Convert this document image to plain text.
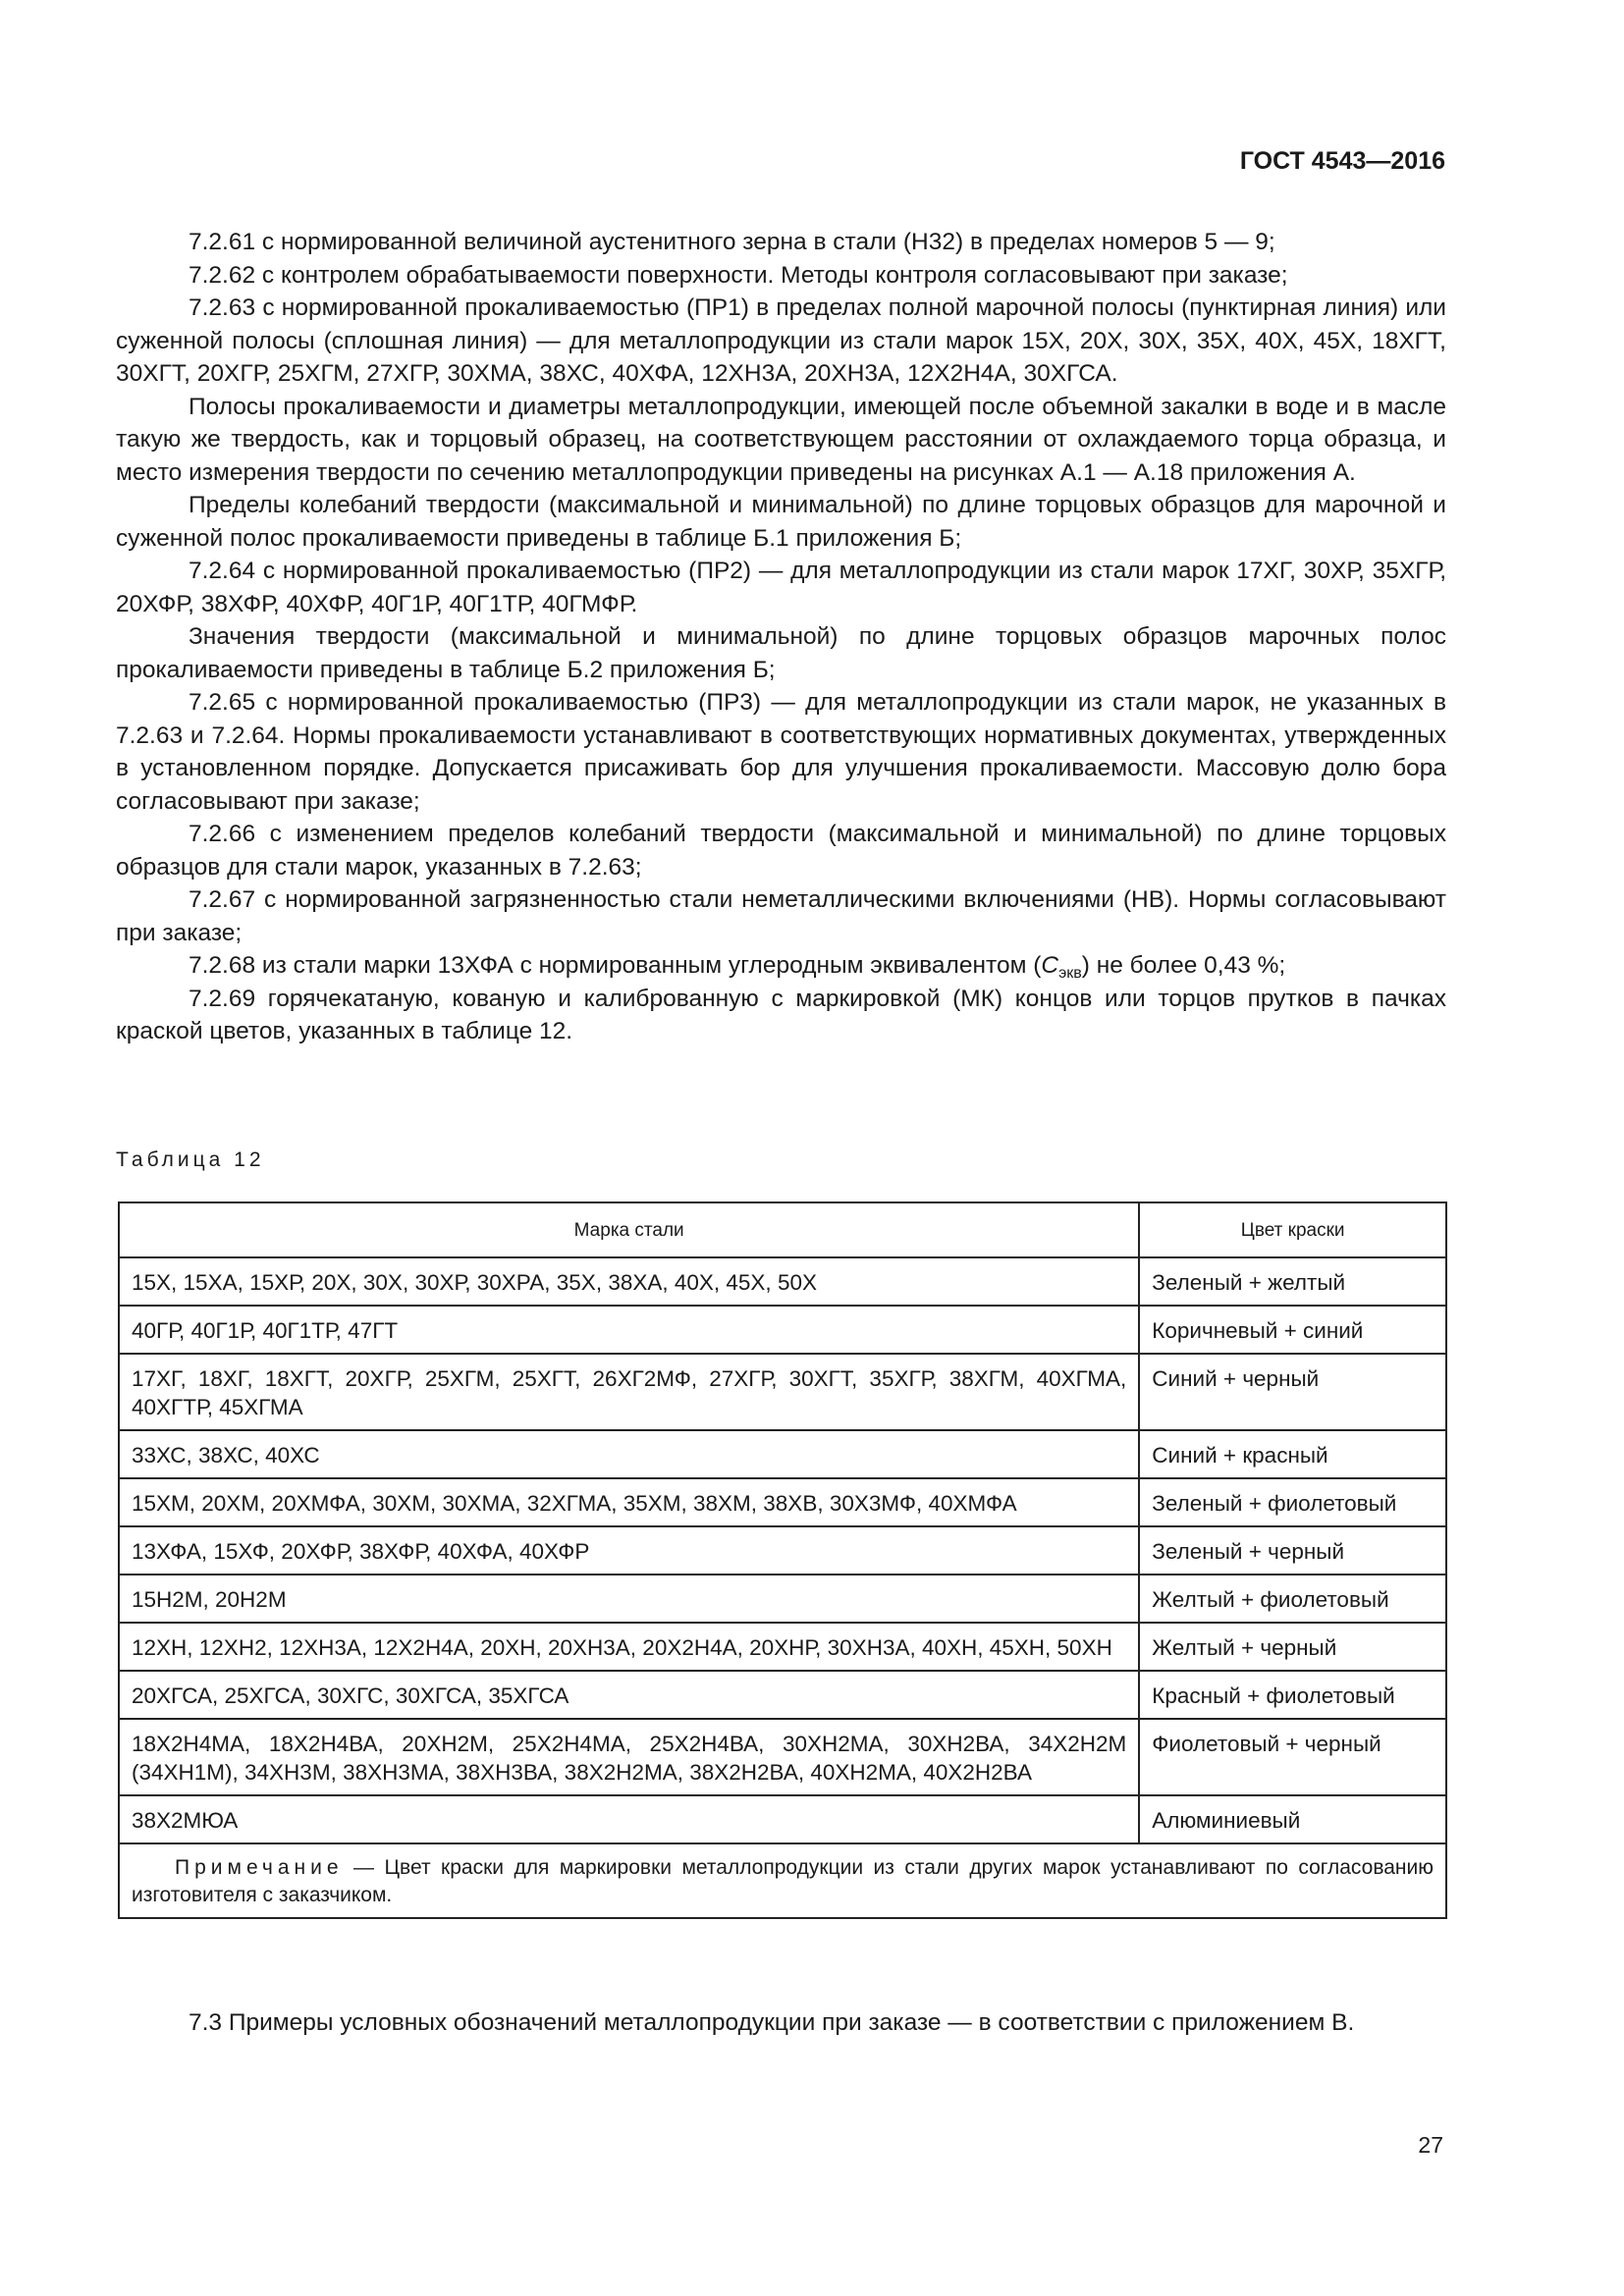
ГОСТ 4543—2016

7.2.61 с нормированной величиной аустенитного зерна в стали (Н32) в пределах номеров 5 — 9;

7.2.62 с контролем обрабатываемости поверхности. Методы контроля согласовывают при заказе;

7.2.63 с нормированной прокаливаемостью (ПР1) в пределах полной марочной полосы (пунктирная линия) или суженной полосы (сплошная линия) — для металлопродукции из стали марок 15Х, 20Х, 30Х, 35Х, 40Х, 45Х, 18ХГТ, 30ХГТ, 20ХГР, 25ХГМ, 27ХГР, 30ХМА, 38ХС, 40ХФА, 12ХН3А, 20ХН3А, 12Х2Н4А, 30ХГСА.

Полосы прокаливаемости и диаметры металлопродукции, имеющей после объемной закалки в воде и в масле такую же твердость, как и торцовый образец, на соответствующем расстоянии от охлаждаемого торца образца, и место измерения твердости по сечению металлопродукции приведены на рисунках А.1 — А.18 приложения А.

Пределы колебаний твердости (максимальной и минимальной) по длине торцовых образцов для марочной и суженной полос прокаливаемости приведены в таблице Б.1 приложения Б;

7.2.64 с нормированной прокаливаемостью (ПР2) — для металлопродукции из стали марок 17ХГ, 30ХР, 35ХГР, 20ХФР, 38ХФР, 40ХФР, 40Г1Р, 40Г1ТР, 40ГМФР.

Значения твердости (максимальной и минимальной) по длине торцовых образцов марочных полос прокаливаемости приведены в таблице Б.2 приложения Б;

7.2.65 с нормированной прокаливаемостью (ПР3) — для металлопродукции из стали марок, не указанных в 7.2.63 и 7.2.64. Нормы прокаливаемости устанавливают в соответствующих нормативных документах, утвержденных в установленном порядке. Допускается присаживать бор для улучшения прокаливаемости. Массовую долю бора согласовывают при заказе;

7.2.66 с изменением пределов колебаний твердости (максимальной и минимальной) по длине торцовых образцов для стали марок, указанных в 7.2.63;

7.2.67 с нормированной загрязненностью стали неметаллическими включениями (НВ). Нормы согласовывают при заказе;

7.2.68 из стали марки 13ХФА с нормированным углеродным эквивалентом $(С_{экв})$ не более 0,43 %;

7.2.69 горячекатаную, кованую и калиброванную с маркировкой (МК) концов или торцов прутков в пачках краской цветов, указанных в таблице 12.

Таблица 12
Марка стали	Цвет краски
15Х, 15ХА, 15ХР, 20Х, 30Х, 30ХР, 30ХРА, 35Х, 38ХА, 40Х, 45Х, 50Х	Зеленый + желтый
40ГР, 40Г1Р, 40Г1ТР, 47ГТ	Коричневый + синий
17ХГ, 18ХГ, 18ХГТ, 20ХГР, 25ХГМ, 25ХГТ, 26ХГ2МФ, 27ХГР, 30ХГТ, 35ХГР, 38ХГМ, 40ХГМА, 40ХГТР, 45ХГМА	Синий + черный
33ХС, 38ХС, 40ХС	Синий + красный
15ХМ, 20ХМ, 20ХМФА, 30ХМ, 30ХМА, 32ХГМА, 35ХМ, 38ХМ, 38ХВ, 30Х3МФ, 40ХМФА	Зеленый + фиолетовый
13ХФА, 15ХФ, 20ХФР, 38ХФР, 40ХФА, 40ХФР	Зеленый + черный
15Н2М, 20Н2М	Желтый + фиолетовый
12ХН, 12ХН2, 12ХН3А, 12Х2Н4А, 20ХН, 20ХН3А, 20Х2Н4А, 20ХНР, 30ХН3А, 40ХН, 45ХН, 50ХН	Желтый + черный
20ХГСА, 25ХГСА, 30ХГС, 30ХГСА, 35ХГСА	Красный + фиолетовый
18Х2Н4МА, 18Х2Н4ВА, 20ХН2М, 25Х2Н4МА, 25Х2Н4ВА, 30ХН2МА, 30ХН2ВА, 34Х2Н2М (34ХН1М), 34ХН3М, 38ХН3МА, 38ХН3ВА, 38Х2Н2МА, 38Х2Н2ВА, 40ХН2МА, 40Х2Н2ВА	Фиолетовый + черный
38Х2МЮА	Алюминиевый
Примечание — Цвет краски для маркировки металлопродукции из стали других марок устанавливают по согласованию изготовителя с заказчиком.	

7.3 Примеры условных обозначений металлопродукции при заказе — в соответствии с приложением В.

27
